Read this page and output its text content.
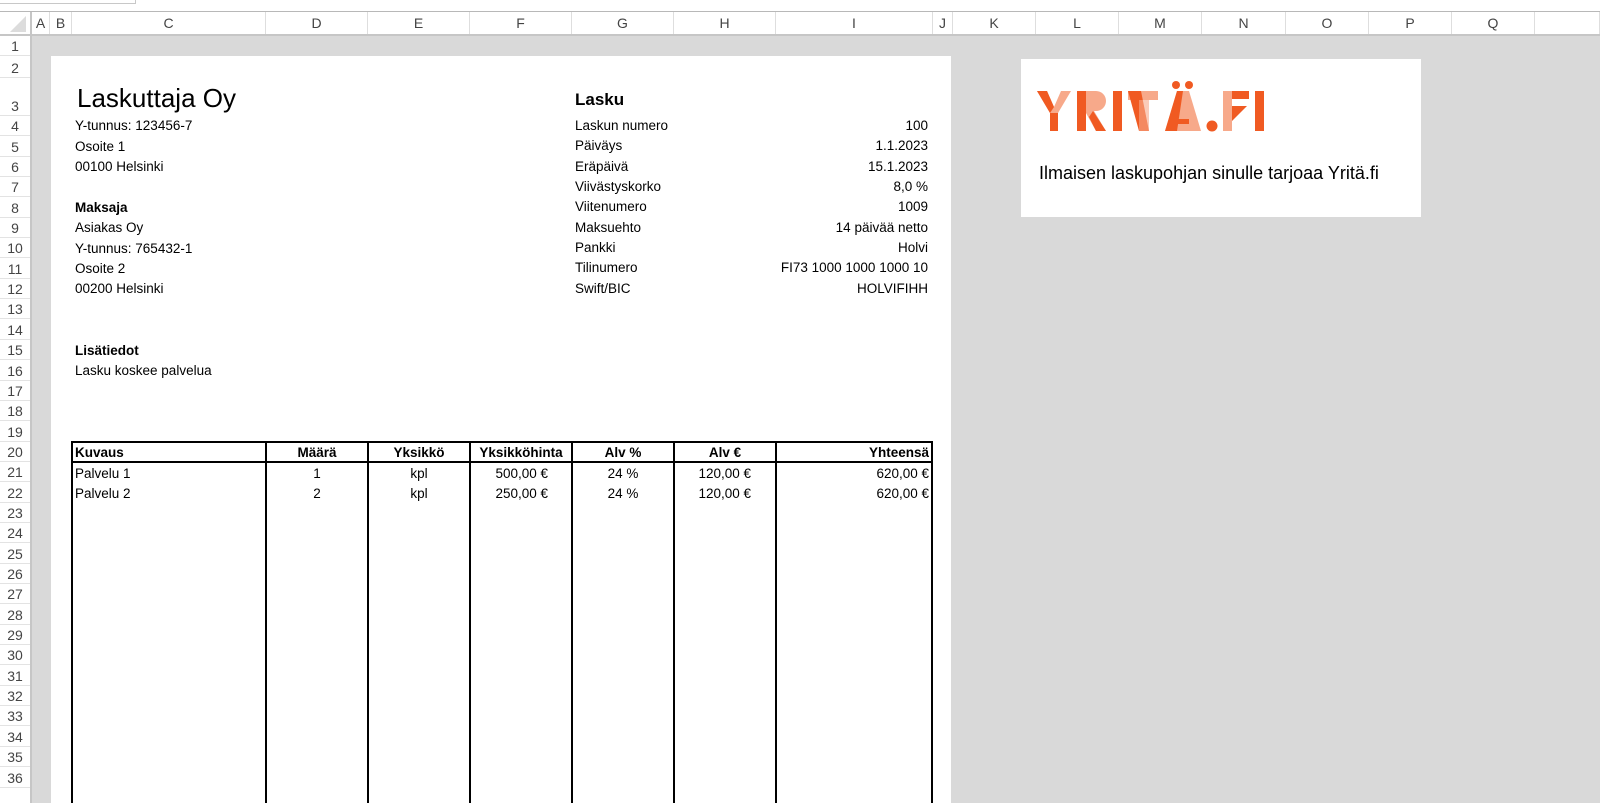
A B	C	D	E	F	G	H	I	J	K	L	M	N	O	P	Q
1
2
3
4
5
6
7
8
9
10
11
12
13
14
15
16
17
18
19
20
21
22
23
24
25
26
27
28
29
30
31
32
33
34
35
36
Laskuttaja Oy
Y-tunnus: 123456-7
Osoite 1
00100 Helsinki
Maksaja
Asiakas Oy
Y-tunnus: 765432-1
Osoite 2
00200 Helsinki
Lisätiedot
Lasku koskee palvelua
Lasku
Laskun numero	100
Päiväys	1.1.2023
Eräpäivä	15.1.2023
Viivästyskorko	8,0 %
Viitenumero	1009
Maksuehto	14 päivää netto
Pankki	Holvi
Tilinumero	FI73 1000 1000 1000 10
Swift/BIC	HOLVIFIHH
Kuvaus	Määrä	Yksikkö	Yksikköhinta	Alv %	Alv €	Yhteensä
Palvelu 1	1	kpl	500,00 €	24 %	120,00 €	620,00 €
Palvelu 2	2	kpl	250,00 €	24 %	120,00 €	620,00 €
Ilmaisen laskupohjan sinulle tarjoaa Yritä.fi
